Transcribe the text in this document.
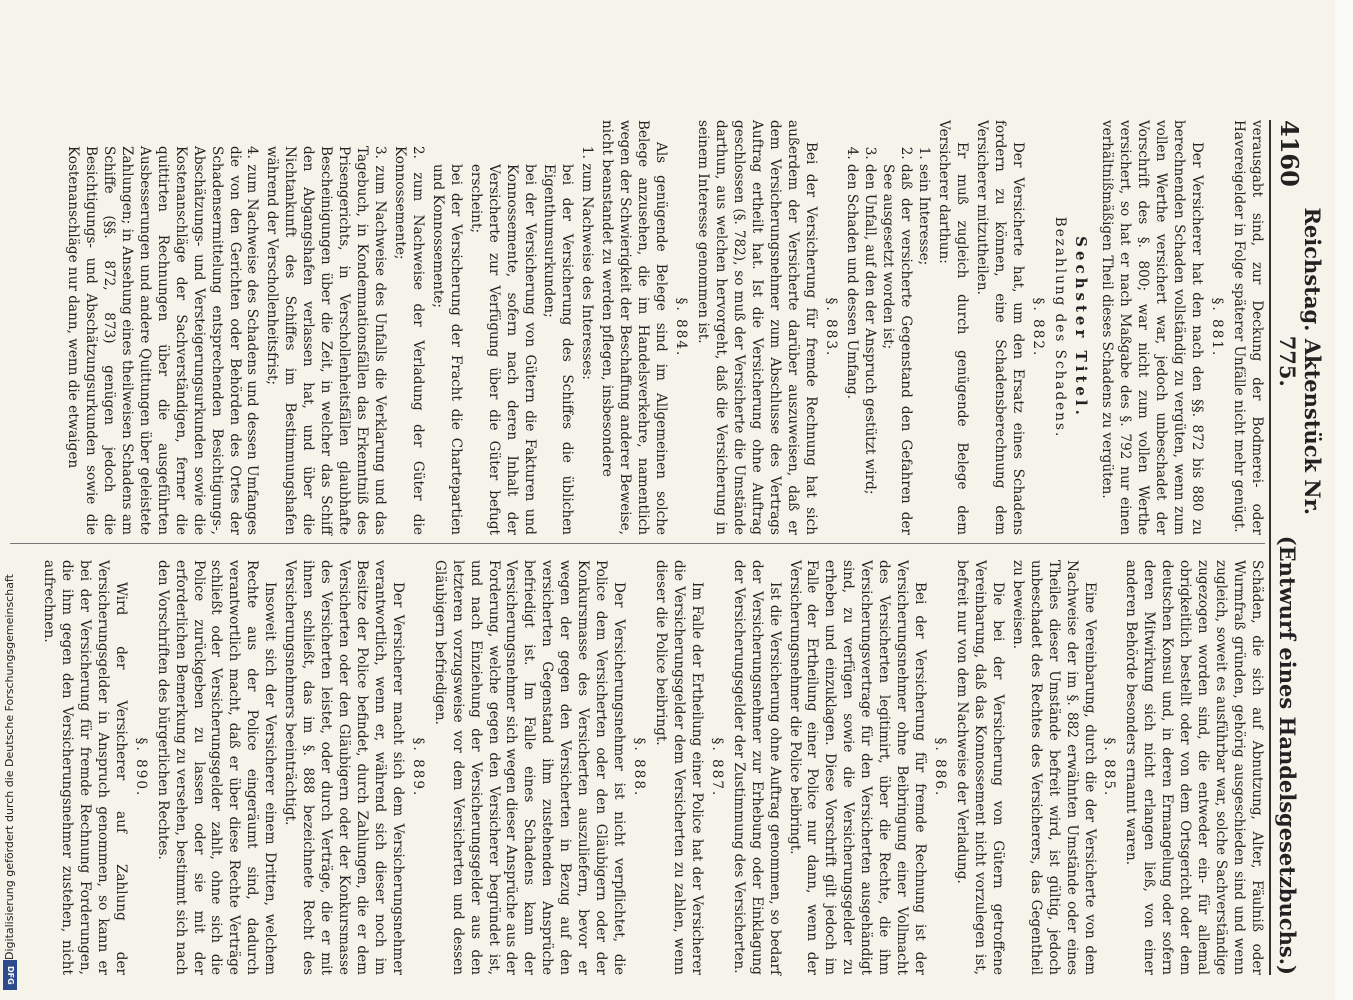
4160
Reichstag. Aktenstück Nr. 775.
(Entwurf eines Handelsgesetzbuchs.)

verausgabt sind, zur Deckung der Bodmerei- oder Havereigelder in Folge späterer Unfälle nicht mehr genügt.

§. 881.

Der Versicherer hat den nach den §§. 872 bis 880 zu berechnenden Schaden vollständig zu vergüten, wenn zum vollen Werthe versichert war, jedoch unbeschadet der Vorschrift des §. 800; war nicht zum vollen Werthe versichert, so hat er nach Maßgabe des §. 792 nur einen verhältnißmäßigen Theil dieses Schadens zu vergüten.

Sechster Titel.
Bezahlung des Schadens.
§. 882.

Der Versicherte hat, um den Ersatz eines Schadens fordern zu können, eine Schadensberechnung dem Versicherer mitzutheilen.

Er muß zugleich durch genügende Belege dem Versicherer darthun:

1. sein Interesse;
2. daß der versicherte Gegenstand den Gefahren der See ausgesetzt worden ist;
3. den Unfall, auf den der Anspruch gestützt wird;
4. den Schaden und dessen Umfang.
§. 883.

Bei der Versicherung für fremde Rechnung hat sich außerdem der Versicherte darüber auszuweisen, daß er dem Versicherungsnehmer zum Abschlusse des Vertrags Auftrag ertheilt hat. Ist die Versicherung ohne Auftrag geschlossen (§. 782), so muß der Versicherte die Umstände darthun, aus welchen hervorgeht, daß die Versicherung in seinem Interesse genommen ist.

§. 884.

Als genügende Belege sind im Allgemeinen solche Belege anzusehen, die im Handelsverkehre, namentlich wegen der Schwierigkeit der Beschaffung anderer Beweise, nicht beanstandet zu werden pflegen, insbesondere

1. zum Nachweise des Interesses:

bei der Versicherung des Schiffes die üblichen Eigenthumsurkunden;

bei der Versicherung von Gütern die Fakturen und Konnossemente, sofern nach deren Inhalt der Versicherte zur Verfügung über die Güter befugt erscheint;

bei der Versicherung der Fracht die Chartepartien und Konnossemente;

2. zum Nachweise der Verladung der Güter die Konnossemente;

3. zum Nachweise des Unfalls die Verklarung und das Tagebuch, in Kondemnationsfällen das Erkenntniß des Prisengerichts, in Verschollenheitsfällen glaubhafte Bescheinigungen über die Zeit, in welcher das Schiff den Abgangshafen verlassen hat, und über die Nichtankunft des Schiffes im Bestimmungshafen während der Verschollenheitsfrist;

4. zum Nachweise des Schadens und dessen Umfanges die von den Gerichten oder Behörden des Ortes der Schadensermittelung entsprechenden Besichtigungs-, Abschätzungs- und Versteigerungsurkunden sowie die Kostenanschläge der Sachverständigen, ferner die quittirten Rechnungen über die ausgeführten Ausbesserungen und andere Quittungen über geleistete Zahlungen; in Ansehung eines theilweisen Schadens am Schiffe (§§. 872, 873) genügen jedoch die Besichtigungs- und Abschätzungsurkunden sowie die Kostenanschläge nur dann, wenn die etwaigen

Schäden, die sich auf Abnutzung, Alter, Fäulniß oder Wurmfraß gründen, gehörig ausgeschieden sind und wenn zugleich, soweit es ausführbar war, solche Sachverständige zugezogen worden sind, die entweder ein- für allemal obrigkeitlich bestellt oder von dem Ortsgericht oder dem deutschen Konsul und, in deren Ermangelung oder sofern deren Mitwirkung sich nicht erlangen ließ, von einer anderen Behörde besonders ernannt waren.

§. 885.

Eine Vereinbarung, durch die der Versicherte von dem Nachweise der im §. 882 erwähnten Umstände oder eines Theiles dieser Umstände befreit wird, ist gültig, jedoch unbeschadet des Rechtes des Versicherers, das Gegentheil zu beweisen.

Die bei der Versicherung von Gütern getroffene Vereinbarung, daß das Konnossement nicht vorzulegen ist, befreit nur von dem Nachweise der Verladung.

§. 886.

Bei der Versicherung für fremde Rechnung ist der Versicherungsnehmer ohne Beibringung einer Vollmacht des Versicherten legitimirt, über die Rechte, die ihm Versicherungsvertrage für den Versicherten ausgehändigt sind, zu verfügen sowie die Versicherungsgelder zu erheben und einzuklagen. Diese Vorschrift gilt jedoch im Falle der Ertheilung einer Police nur dann, wenn der Versicherungsnehmer die Police beibringt.

Ist die Versicherung ohne Auftrag genommen, so bedarf der Versicherungsnehmer zur Erhebung oder Einklagung der Versicherungsgelder der Zustimmung des Versicherten.

§. 887.

Im Falle der Ertheilung einer Police hat der Versicherer die Versicherungsgelder dem Versicherten zu zahlen, wenn dieser die Police beibringt.

§. 888.

Der Versicherungsnehmer ist nicht verpflichtet, die Police dem Versicherten oder den Gläubigern oder der Konkursmasse des Versicherten auszuliefern, bevor er wegen der gegen den Versicherten in Bezug auf den versicherten Gegenstand ihm zustehenden Ansprüche befriedigt ist. Im Falle eines Schadens kann der Versicherungsnehmer sich wegen dieser Ansprüche aus der Forderung, welche gegen den Versicherer begründet ist, und nach Einziehung der Versicherungsgelder aus den letzteren vorzugsweise vor dem Versicherten und dessen Gläubigern befriedigen.

§. 889.

Der Versicherer macht sich dem Versicherungsnehmer verantwortlich, wenn er, während sich dieser noch im Besitze der Police befindet, durch Zahlungen, die er dem Versicherten oder den Gläubigern oder der Konkursmasse des Versicherten leistet, oder durch Verträge, die er mit ihnen schließt, das im §. 888 bezeichnete Recht des Versicherungsnehmers beeinträchtigt.

Insoweit sich der Versicherer einem Dritten, welchem Rechte aus der Police eingeräumt sind, dadurch verantwortlich macht, daß er über diese Rechte Verträge schließt oder Versicherungsgelder zahlt, ohne sich die Police zurückgeben zu lassen oder sie mit der erforderlichen Bemerkung zu versehen, bestimmt sich nach den Vorschriften des bürgerlichen Rechtes.

§. 890.

Wird der Versicherer auf Zahlung der Versicherungsgelder in Anspruch genommen, so kann er bei der Versicherung für fremde Rechnung Forderungen, die ihm gegen den Versicherungsnehmer zustehen, nicht aufrechnen.

Digitalisierung gefördert durch die Deutsche Forschungsgemeinschaft
DFG
